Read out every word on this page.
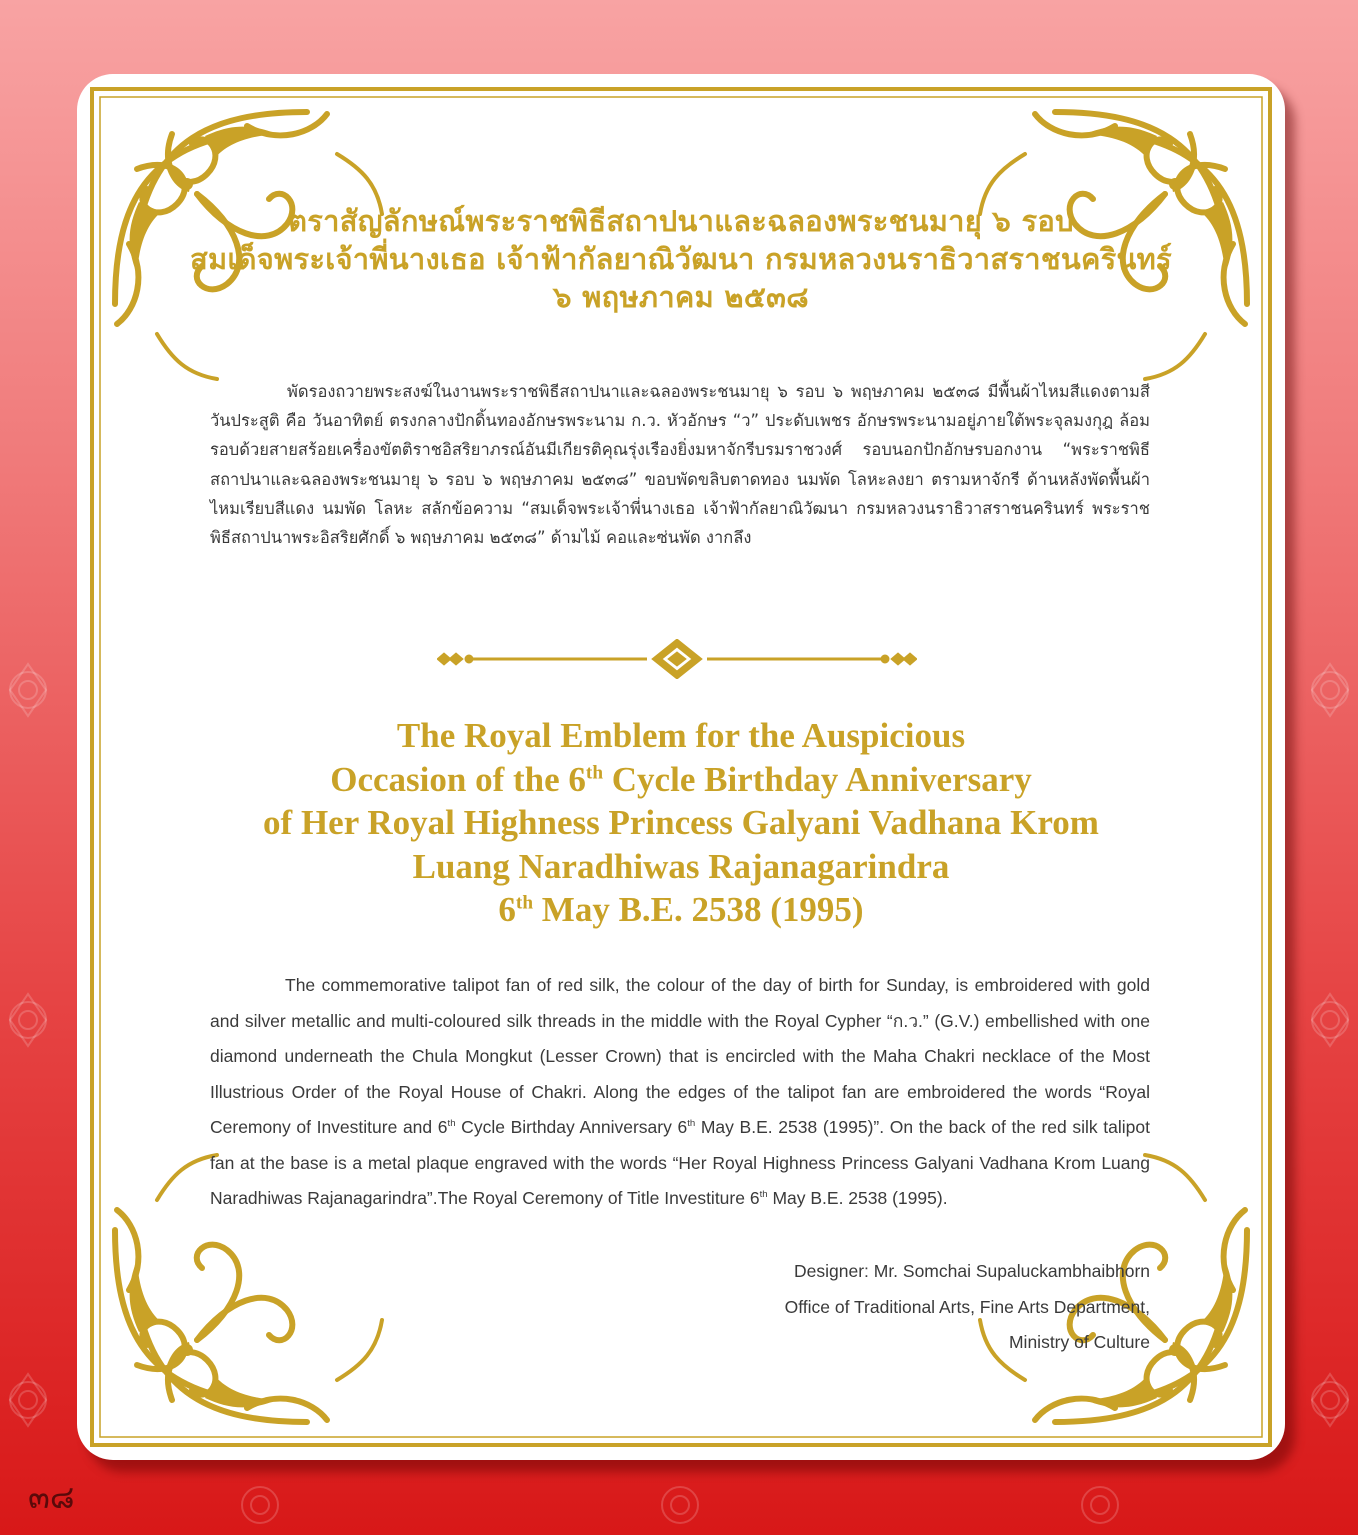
ตราสัญลักษณ์พระราชพิธีสถาปนาและฉลองพระชนมายุ ๖ รอบ
สมเด็จพระเจ้าพี่นางเธอ เจ้าฟ้ากัลยาณิวัฒนา กรมหลวงนราธิวาสราชนครินทร์
๖ พฤษภาคม ๒๕๓๘

พัดรองถวายพระสงฆ์ในงานพระราชพิธีสถาปนาและฉลองพระชนมายุ ๖ รอบ ๖ พฤษภาคม ๒๕๓๘ มีพื้นผ้าไหมสีแดงตามสีวันประสูติ คือ วันอาทิตย์ ตรงกลางปักดิ้นทองอักษรพระนาม ก.ว. หัวอักษร “ว” ประดับเพชร อักษรพระนามอยู่ภายใต้พระจุลมงกุฎ ล้อมรอบด้วยสายสร้อยเครื่องขัตติราชอิสริยาภรณ์อันมีเกียรติคุณรุ่งเรืองยิ่งมหาจักรีบรมราชวงศ์ รอบนอกปักอักษรบอกงาน “พระราชพิธีสถาปนาและฉลองพระชนมายุ ๖ รอบ ๖ พฤษภาคม ๒๕๓๘” ขอบพัดขลิบตาดทอง นมพัด โลหะลงยา ตรามหาจักรี ด้านหลังพัดพื้นผ้าไหมเรียบสีแดง นมพัด โลหะ สลักข้อความ “สมเด็จพระเจ้าพี่นางเธอ เจ้าฟ้ากัลยาณิวัฒนา กรมหลวงนราธิวาสราชนครินทร์ พระราชพิธีสถาปนาพระอิสริยศักดิ์ ๖ พฤษภาคม ๒๕๓๘” ด้ามไม้ คอและซ่นพัด งากลึง

The Royal Emblem for the Auspicious
Occasion of the 6th Cycle Birthday Anniversary
of Her Royal Highness Princess Galyani Vadhana Krom
Luang Naradhiwas Rajanagarindra
6th May B.E. 2538 (1995)

The commemorative talipot fan of red silk, the colour of the day of birth for Sunday, is embroidered with gold and silver metallic and multi-coloured silk threads in the middle with the Royal Cypher “ก.ว.” (G.V.) embellished with one diamond underneath the Chula Mongkut (Lesser Crown) that is encircled with the Maha Chakri necklace of the Most Illustrious Order of the Royal House of Chakri. Along the edges of the talipot fan are embroidered the words “Royal Ceremony of Investiture and 6th Cycle Birthday Anniversary 6th May B.E. 2538 (1995)”. On the back of the red silk talipot fan at the base is a metal plaque engraved with the words “Her Royal Highness Princess Galyani Vadhana Krom Luang Naradhiwas Rajanagarindra”.The Royal Ceremony of Title Investiture 6th May B.E. 2538 (1995).

Designer: Mr. Somchai Supaluckambhaibhorn
Office of Traditional Arts, Fine Arts Department,
Ministry of Culture
๓๘
